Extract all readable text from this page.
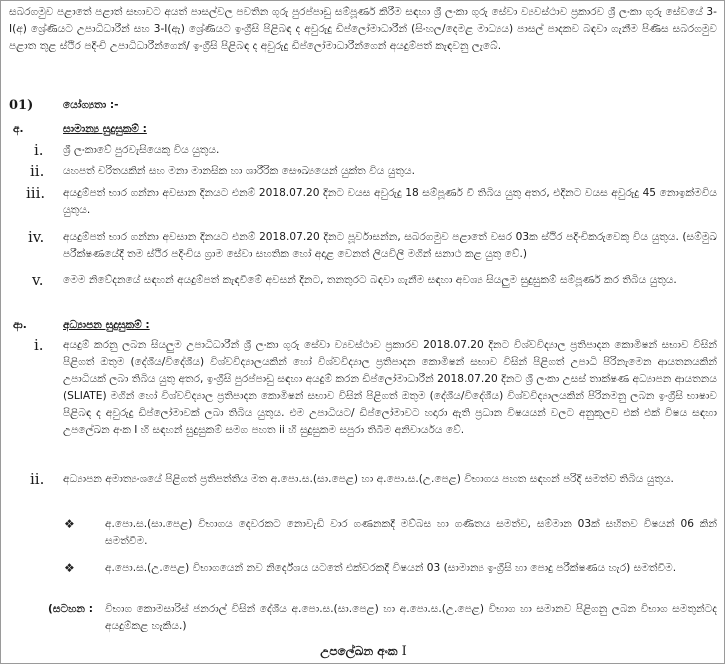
සබරගමුව පළාතේ පළාත් සභාවට අයත් පාසල්වල පවතින ගුරු පුරප්පාඩු සම්පූර්ණ කිරීම සඳහා ශ්‍රී ලංකා ගුරු සේවා ව්‍යවස්ථාව ප්‍රකාරව ශ්‍රී ලංකා ගුරු සේවයේ 3-I(අ) ශ්‍රේණියට උපාධිධාරීන් සහ 3-I(ඇ) ශ්‍රේණියට ඉංග්‍රීසි පිළිබඳ ද අවුරුදු ඩිප්ලෝමාධාරීන් (සිංහල/දෙමළ මාධ්‍යය) පාසල් පාදකව බඳවා ගැනීම පිණිස සබරගමුව පළාත තුළ ස්ථිර පදිංචි උපාධිධාරීන්ගෙන්/ ඉංග්‍රීසි පිළිබඳ ද අවුරුදු ඩිප්ලෝමාධාරීන්ගෙන් අයදුම්පත් කැඳවනු ලැබේ.
01)	යෝග්‍යතා :-
අ.	සාමාන්‍ය සුදුසුකම් :
i. ශ්‍රී ලංකාවේ පුරවැසියෙකු විය යුතුය.
ii. යහපත් චරිතයකින් සහ මනා මානසික හා ශාරීරික සෞඛ්‍යයෙන් යුක්ත විය යුතුය.
iii. අයදුම්පත් භාර ගන්නා අවසාන දිනයට එනම් 2018.07.20 දිනට වයස අවුරුදු 18 සම්පූර්ණ වී තිබිය යුතු අතර, එදිනට වයස අවුරුදු 45 නොඉක්මවිය යුතුය.
iv. අයදුම්පත් භාර ගන්නා අවසාන දිනයට එනම් 2018.07.20 දිනට පූර්වාසන්න, සබරගමුව පළාතේ වසර 03ක ස්ථිර පදිංචිකරුවෙකු විය යුතුය. (සම්මුඛ පරීක්ෂණයේදී තම ස්ථිර පදිංචිය ග්‍රාම සේවා සහතික හෝ අදාළ වෙනත් ලියවිලි මගින් සනාථ කළ යුතු වේ.)
v. මෙම නිවේදනයේ සඳහන් අයදුම්පත් කැඳවීමේ අවසන් දිනට, තනතුරට බඳවා ගැනීම සඳහා අවශ්‍ය සියලුම සුදුසුකම් සම්පූර්ණ කර තිබිය යුතුය.
ආ.	අධ්‍යාපන සුදුසුකම් :
i. අයදුම් කරනු ලබන සියලුම උපාධිධාරීන් ශ්‍රී ලංකා ගුරු සේවා ව්‍යවස්ථාව ප්‍රකාරව 2018.07.20 දිනට විශ්වවිද්‍යාල ප්‍රතිපාදන කොමිෂන් සභාව විසින් පිළිගත් ඔතුම (දේශීය/විදේශීය) විශ්වවිද්‍යාලයකින් හෝ විශ්වවිද්‍යාල ප්‍රතිපාදන කොමිෂන් සභාව විසින් පිළිගත් උපාධි පිරිනැමෙන ආයතනයකින් උපාධියක් ලබා තිබිය යුතු අතර, ඉංග්‍රීසි පුරප්පාඩු සඳහා අයදුම් කරන ඩිප්ලෝමාධාරීන් 2018.07.20 දිනට ශ්‍රී ලංකා උසස් තාක්ෂණ අධ්‍යාපන ආයතනය (SLIATE) මගින් හෝ විශ්වවිද්‍යාල ප්‍රතිපාදන කොමිෂන් සභාව විසින් පිළිගත් ඔතුම (දේශීය/විදේශීය) විශ්වවිද්‍යාලයකින් පිරිනමනු ලබන ඉංග්‍රීසි භාෂාව පිළිබඳ ද අවුරුදු ඩිප්ලෝමාවක් ලබා තිබිය යුතුය. එම උපාධියට/ ඩිප්ලෝමාවට හදාරා ඇති ප්‍රධාන විෂයයන් වලට අනුකූලව එක් එක් විෂය සඳහා උපලේඛන අංක I හි සඳහන් සුදුසුකම් සමග පහත ii හි සුදුසුකම සපුරා තිබීම අනිවාර්යය වේ.
ii. අධ්‍යාපන අමාත්‍යංශයේ පිළිගත් ප්‍රතිපත්තිය මත අ.පො.ස.(සා.පෙළ) හා අ.පො.ස.(උ.පෙළ) විභාගය පහත සඳහන් පරිදි සමත්ව තිබිය යුතුය.
❖	අ.පො.ස.(සා.පෙළ) විභාගය දෙවරකට නොවැඩි වාර ගණනකදී මව්බස හා ගණිතය සමත්ව, සම්මාන 03ක් සහිතව විෂයන් 06 කින් සමත්වීම.
❖	අ.පො.ස.(උ.පෙළ) විභාගයෙන් නව නිර්දේශය යටතේ එක්වරකදී විෂයන් 03 (සාමාන්‍ය ඉංග්‍රීසි හා පොදු පරීක්ෂණය හැර) සමත්වීම.
(සටහන : විභාග කොමසාරිස් ජනරාල් විසින් දේශීය අ.පො.ස.(සා.පෙළ) හා අ.පො.ස.(උ.පෙළ) විභාග හා සමානව පිළිගනු ලබන විභාග සමතුන්ටද අයදුම්කළ හැකිය.)
උපලේඛන අංක I
